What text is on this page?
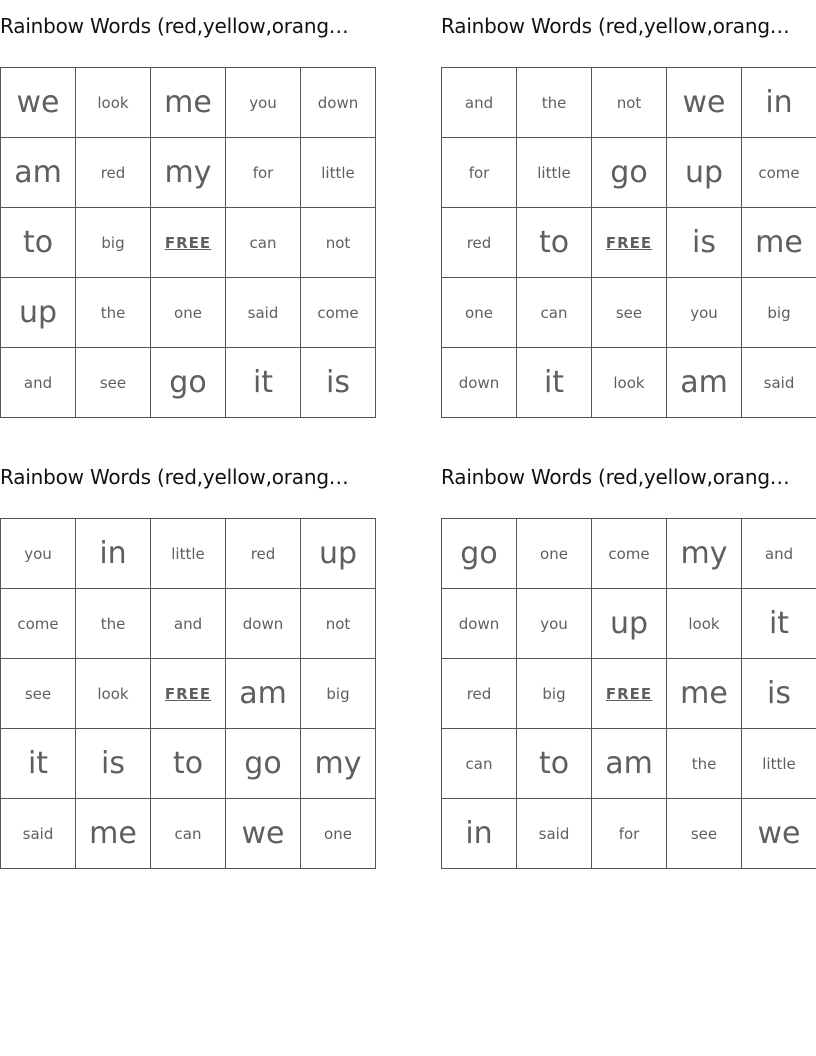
Rainbow Words (red,yellow,orang…
we	look	me	you	down
am	red	my	for	little
to	big	FREE	can	not
up	the	one	said	come
and	see	go	it	is
Rainbow Words (red,yellow,orang…
and	the	not	we	in
for	little	go	up	come
red	to	FREE	is	me
one	can	see	you	big
down	it	look	am	said
Rainbow Words (red,yellow,orang…
you	in	little	red	up
come	the	and	down	not
see	look	FREE	am	big
it	is	to	go	my
said	me	can	we	one
Rainbow Words (red,yellow,orang…
go	one	come	my	and
down	you	up	look	it
red	big	FREE	me	is
can	to	am	the	little
in	said	for	see	we
